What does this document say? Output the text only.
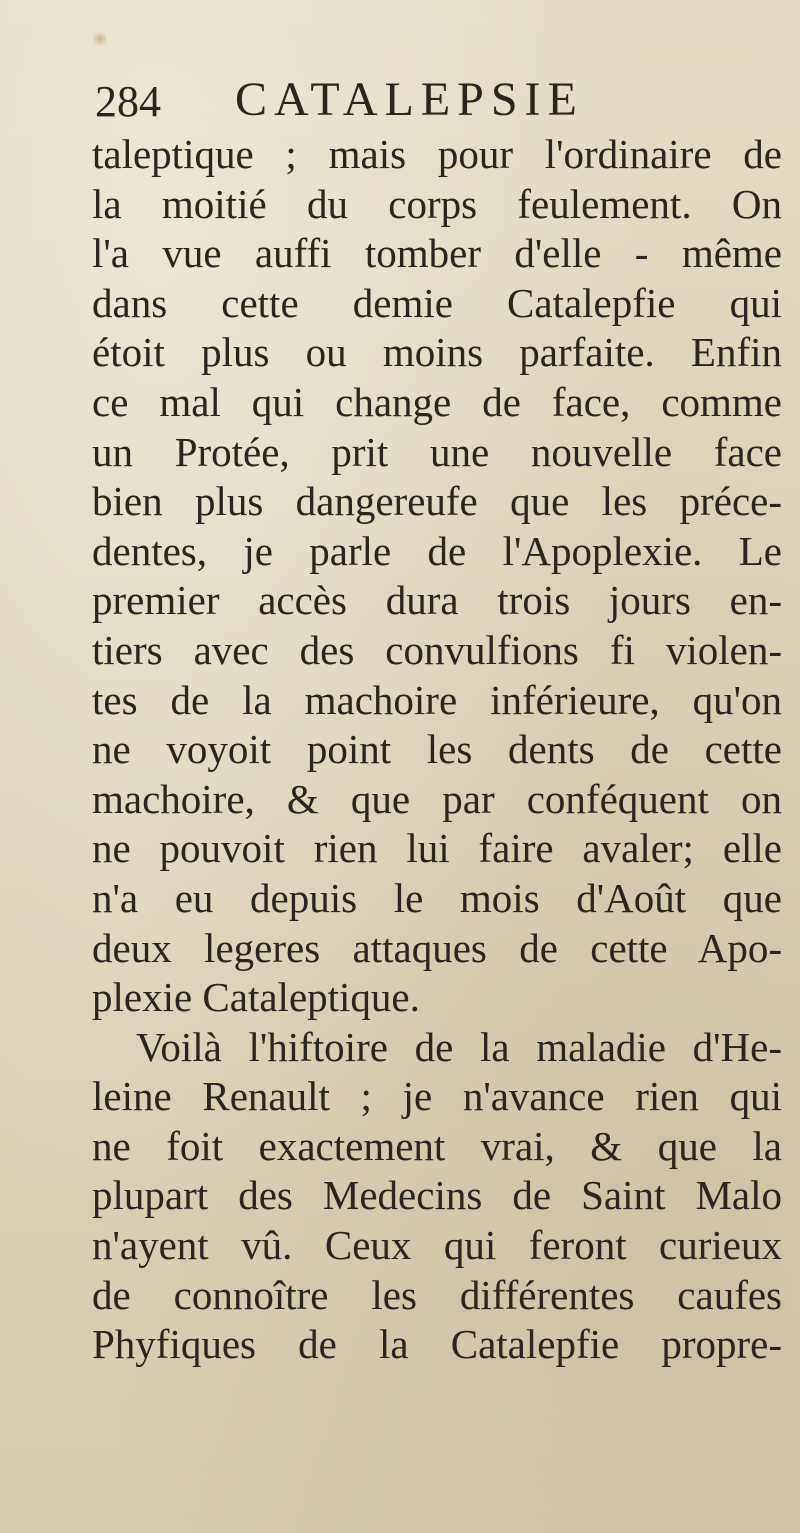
284 CATALEPSIE
taleptique ; mais pour l'ordinaire de
la moitié du corps feulement. On
l'a vue auffi tomber d'elle - même
dans cette demie Catalepfie qui
étoit plus ou moins parfaite. Enfin
ce mal qui change de face, comme
un Protée, prit une nouvelle face
bien plus dangereufe que les préce-
dentes, je parle de l'Apoplexie. Le
premier accès dura trois jours en-
tiers avec des convulfions fi violen-
tes de la machoire inférieure, qu'on
ne voyoit point les dents de cette
machoire, & que par conféquent on
ne pouvoit rien lui faire avaler; elle
n'a eu depuis le mois d'Août que
deux legeres attaques de cette Apo-
plexie Cataleptique.
Voilà l'hiftoire de la maladie d'He-
leine Renault ; je n'avance rien qui
ne foit exactement vrai, & que la
plupart des Medecins de Saint Malo
n'ayent vû. Ceux qui feront curieux
de connoître les différentes caufes
Phyfiques de la Catalepfie propre-
